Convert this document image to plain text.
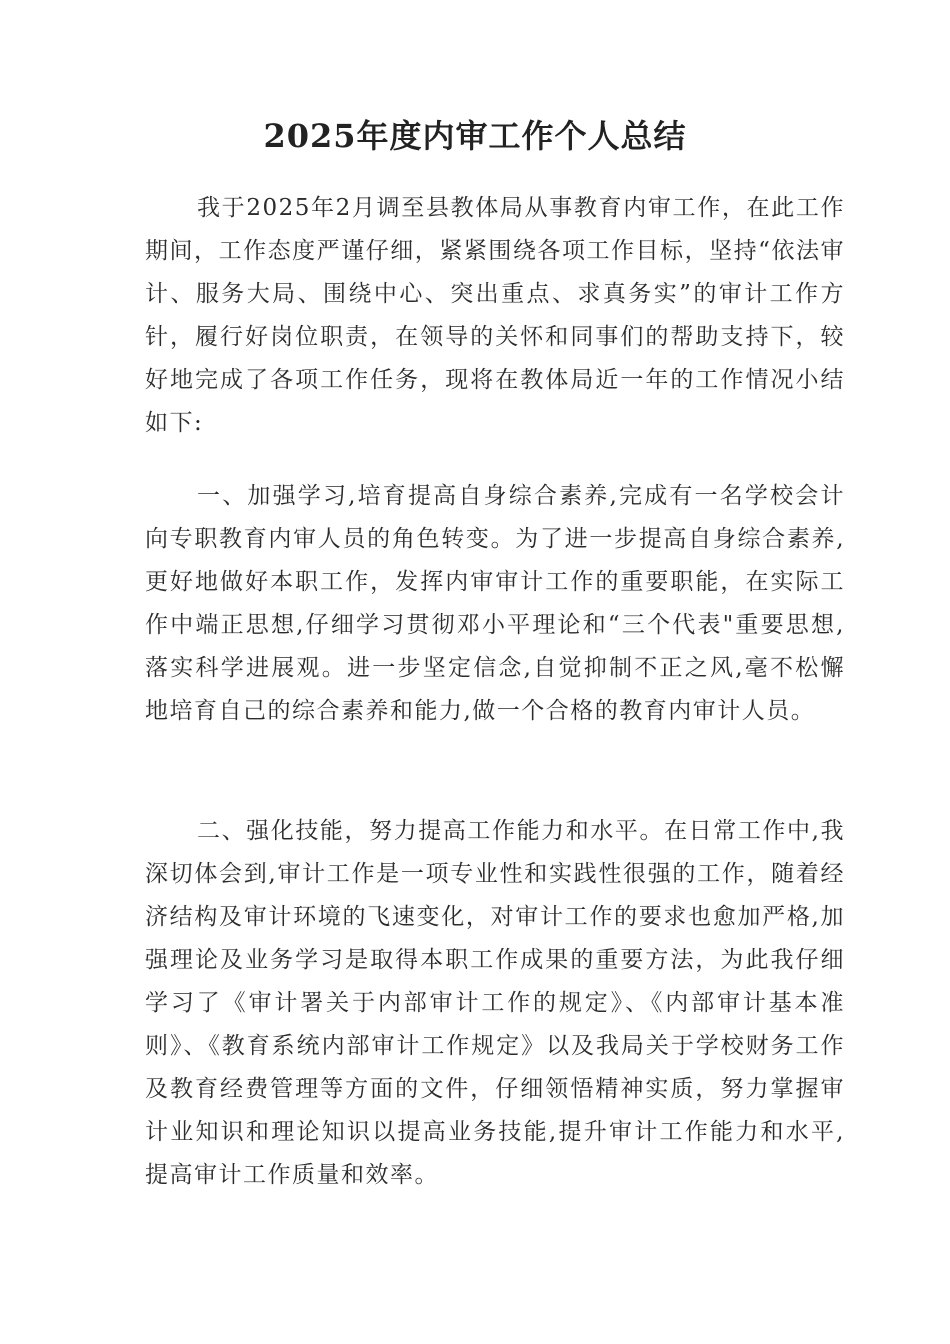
2025年度内审工作个人总结

我于2025年2月调至县教体局从事教育内审工作，在此工作期间，工作态度严谨仔细，紧紧围绕各项工作目标，坚持“依法审计、服务大局、围绕中心、突出重点、求真务实”的审计工作方针，履行好岗位职责，在领导的关怀和同事们的帮助支持下，较好地完成了各项工作任务，现将在教体局近一年的工作情况小结如下:

一、加强学习,培育提高自身综合素养,完成有一名学校会计向专职教育内审人员的角色转变。为了进一步提高自身综合素养,更好地做好本职工作，发挥内审审计工作的重要职能，在实际工作中端正思想,仔细学习贯彻邓小平理论和“三个代表"重要思想,落实科学进展观。进一步坚定信念,自觉抑制不正之风,毫不松懈地培育自己的综合素养和能力,做一个合格的教育内审计人员。

二、强化技能，努力提高工作能力和水平。在日常工作中,我深切体会到,审计工作是一项专业性和实践性很强的工作，随着经济结构及审计环境的飞速变化，对审计工作的要求也愈加严格,加强理论及业务学习是取得本职工作成果的重要方法，为此我仔细学习了《审计署关于内部审计工作的规定》、《内部审计基本准则》、《教育系统内部审计工作规定》以及我局关于学校财务工作及教育经费管理等方面的文件，仔细领悟精神实质，努力掌握审计业知识和理论知识以提高业务技能,提升审计工作能力和水平,提高审计工作质量和效率。
